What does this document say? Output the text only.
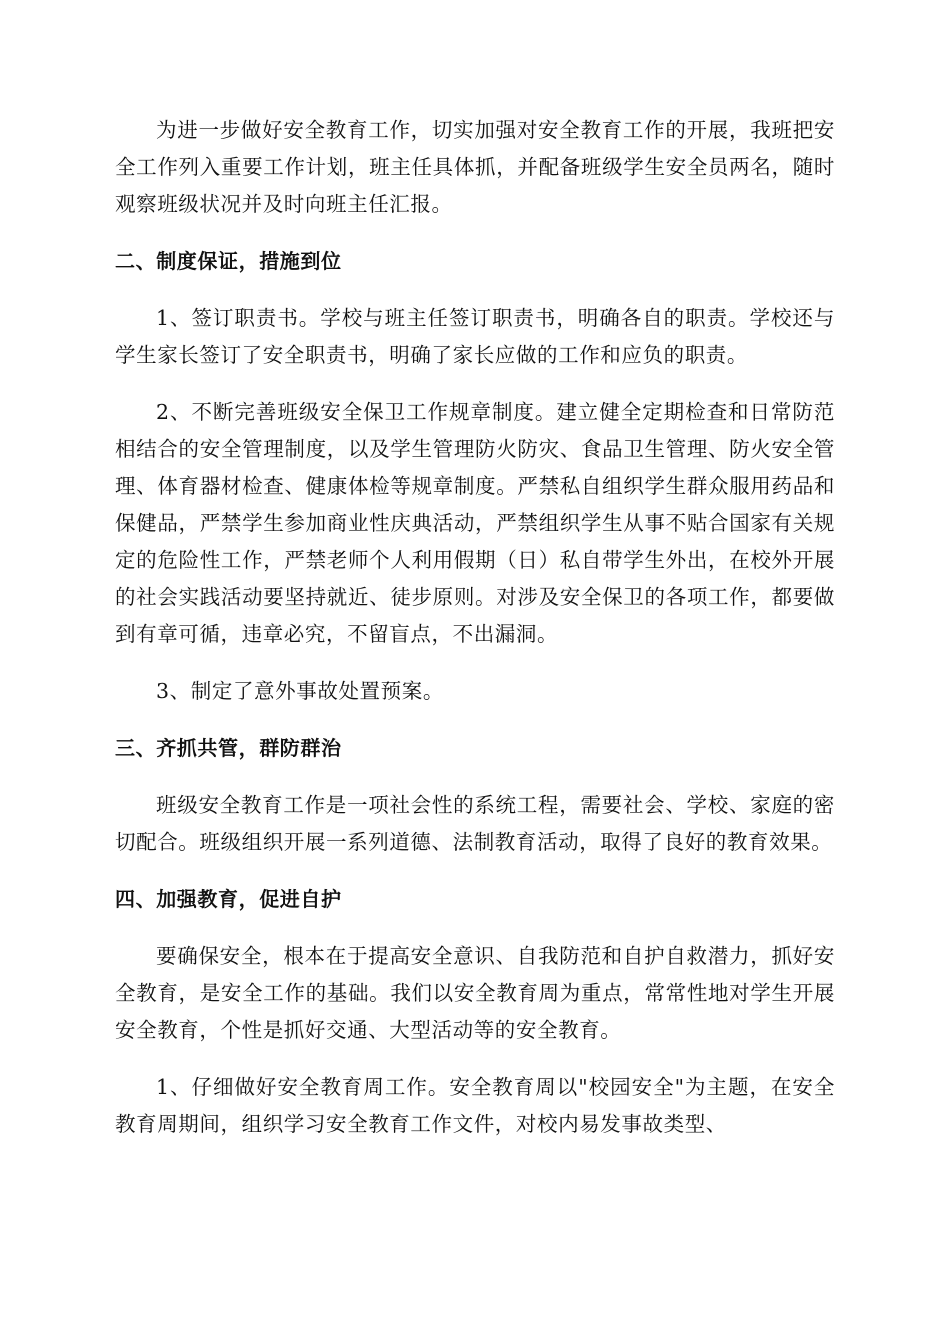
为进一步做好安全教育工作，切实加强对安全教育工作的开展，我班把安全工作列入重要工作计划，班主任具体抓，并配备班级学生安全员两名，随时观察班级状况并及时向班主任汇报。

二、制度保证，措施到位

1、签订职责书。学校与班主任签订职责书，明确各自的职责。学校还与学生家长签订了安全职责书，明确了家长应做的工作和应负的职责。

2、不断完善班级安全保卫工作规章制度。建立健全定期检查和日常防范相结合的安全管理制度，以及学生管理防火防灾、食品卫生管理、防火安全管理、体育器材检查、健康体检等规章制度。严禁私自组织学生群众服用药品和保健品，严禁学生参加商业性庆典活动，严禁组织学生从事不贴合国家有关规定的危险性工作，严禁老师个人利用假期（日）私自带学生外出，在校外开展的社会实践活动要坚持就近、徒步原则。对涉及安全保卫的各项工作，都要做到有章可循，违章必究，不留盲点，不出漏洞。

3、制定了意外事故处置预案。

三、齐抓共管，群防群治

班级安全教育工作是一项社会性的系统工程，需要社会、学校、家庭的密切配合。班级组织开展一系列道德、法制教育活动，取得了良好的教育效果。

四、加强教育，促进自护

要确保安全，根本在于提高安全意识、自我防范和自护自救潜力，抓好安全教育，是安全工作的基础。我们以安全教育周为重点，常常性地对学生开展安全教育，个性是抓好交通、大型活动等的安全教育。

1、仔细做好安全教育周工作。安全教育周以"校园安全"为主题，在安全教育周期间，组织学习安全教育工作文件，对校内易发事故类型、
